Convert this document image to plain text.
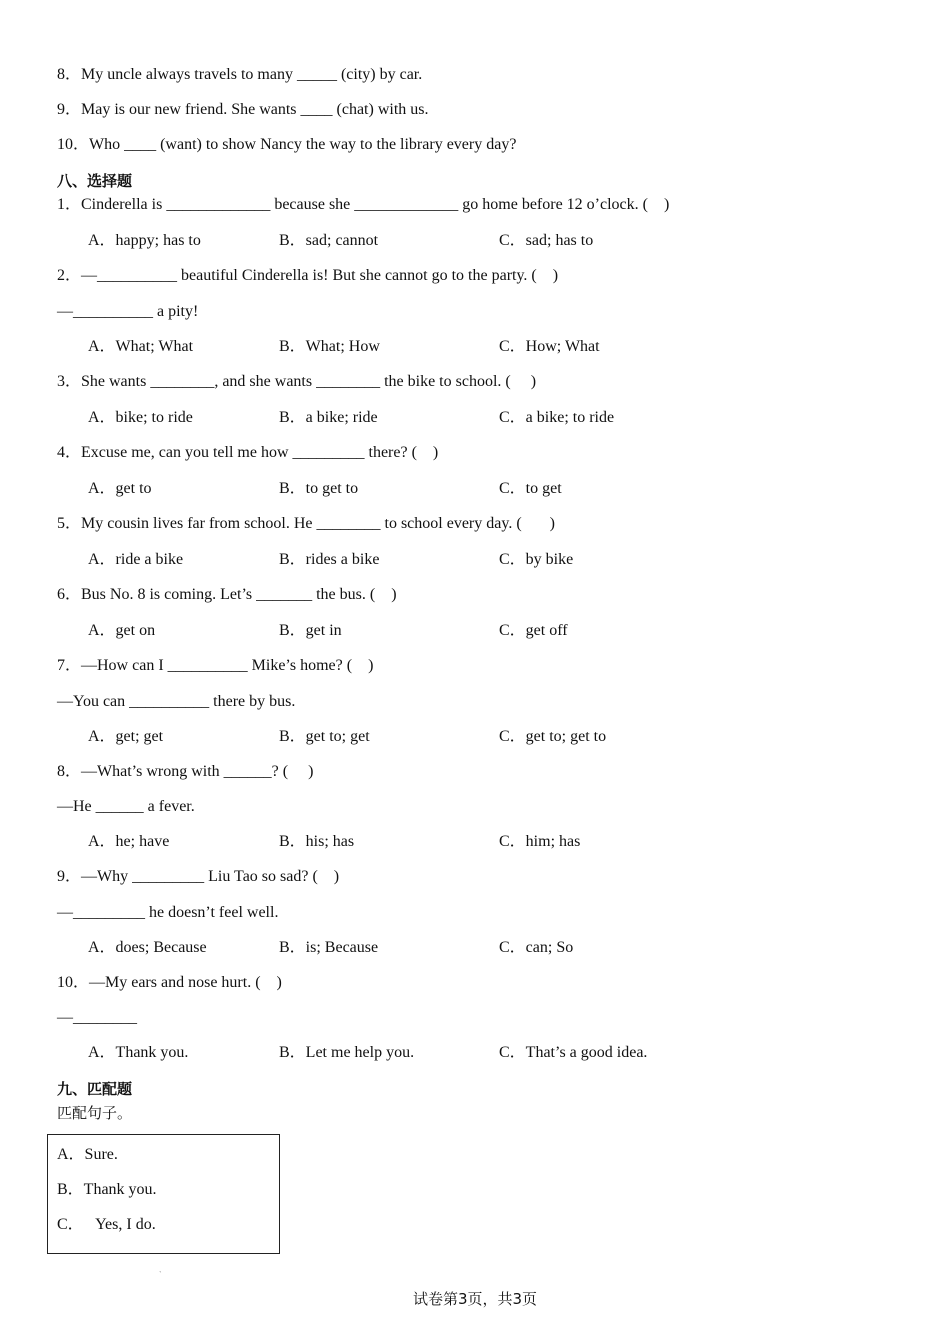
8．My uncle always travels to many _____ (city) by car.
9．May is our new friend. She wants ____ (chat) with us.
10．Who ____ (want) to show Nancy the way to the library every day?
八、选择题
1．Cinderella is _____________ because she _____________ go home before 12 o’clock. (    )
A．happy; has to	B．sad; cannot	C．sad; has to
2．—__________ beautiful Cinderella is! But she cannot go to the party. (    )
—__________ a pity!
A．What; What	B．What; How	C．How; What
3．She wants ________, and she wants ________ the bike to school. (     )
A．bike; to ride	B．a bike; ride	C．a bike; to ride
4．Excuse me, can you tell me how _________ there? (    )
A．get to	B．to get to	C．to get
5．My cousin lives far from school. He ________ to school every day. (       )
A．ride a bike	B．rides a bike	C．by bike
6．Bus No. 8 is coming. Let’s _______ the bus. (    )
A．get on	B．get in	C．get off
7．—How can I __________ Mike’s home? (    )
—You can __________ there by bus.
A．get; get	B．get to; get	C．get to; get to
8．—What’s wrong with ______? (     )
—He ______ a fever.
A．he; have	B．his; has	C．him; has
9．—Why _________ Liu Tao so sad? (    )
—_________ he doesn’t feel well.
A．does; Because	B．is; Because	C．can; So
10．—My ears and nose hurt. (    )
—________
A．Thank you.	B．Let me help you.	C．That’s a good idea.
九、匹配题
匹配句子。
A．Sure.
B．Thank you.
C．   Yes, I do.
`
试卷第3页，共3页
